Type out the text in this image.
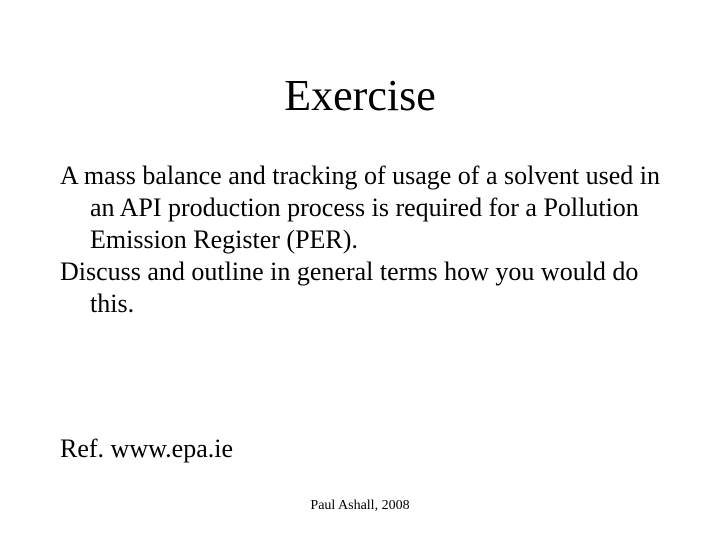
Exercise
A mass balance and tracking of usage of a solvent used in an API production process is required for a Pollution Emission Register (PER).
Discuss and outline in general terms how you would do this.
Ref. www.epa.ie
Paul Ashall, 2008
